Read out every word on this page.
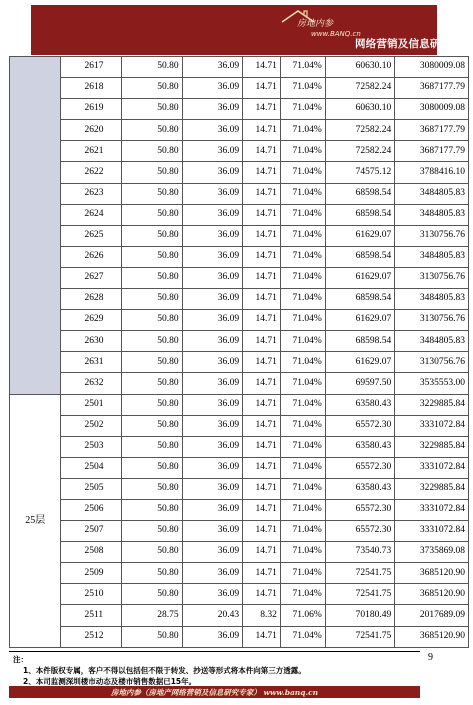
房地内参
www.BANQ.cn
网络营销及信息研究专家
	2617	50.80	36.09	14.71	71.04%	60630.10	3080009.08
	2618	50.80	36.09	14.71	71.04%	72582.24	3687177.79
	2619	50.80	36.09	14.71	71.04%	60630.10	3080009.08
	2620	50.80	36.09	14.71	71.04%	72582.24	3687177.79
	2621	50.80	36.09	14.71	71.04%	72582.24	3687177.79
	2622	50.80	36.09	14.71	71.04%	74575.12	3788416.10
	2623	50.80	36.09	14.71	71.04%	68598.54	3484805.83
	2624	50.80	36.09	14.71	71.04%	68598.54	3484805.83
	2625	50.80	36.09	14.71	71.04%	61629.07	3130756.76
	2626	50.80	36.09	14.71	71.04%	68598.54	3484805.83
	2627	50.80	36.09	14.71	71.04%	61629.07	3130756.76
	2628	50.80	36.09	14.71	71.04%	68598.54	3484805.83
	2629	50.80	36.09	14.71	71.04%	61629.07	3130756.76
	2630	50.80	36.09	14.71	71.04%	68598.54	3484805.83
	2631	50.80	36.09	14.71	71.04%	61629.07	3130756.76
	2632	50.80	36.09	14.71	71.04%	69597.50	3535553.00
25层	2501	50.80	36.09	14.71	71.04%	63580.43	3229885.84
	2502	50.80	36.09	14.71	71.04%	65572.30	3331072.84
	2503	50.80	36.09	14.71	71.04%	63580.43	3229885.84
	2504	50.80	36.09	14.71	71.04%	65572.30	3331072.84
	2505	50.80	36.09	14.71	71.04%	63580.43	3229885.84
	2506	50.80	36.09	14.71	71.04%	65572.30	3331072.84
	2507	50.80	36.09	14.71	71.04%	65572.30	3331072.84
	2508	50.80	36.09	14.71	71.04%	73540.73	3735869.08
	2509	50.80	36.09	14.71	71.04%	72541.75	3685120.90
	2510	50.80	36.09	14.71	71.04%	72541.75	3685120.90
	2511	28.75	20.43	8.32	71.06%	70180.49	2017689.09
	2512	50.80	36.09	14.71	71.04%	72541.75	3685120.90
注：
1、本件版权专属，客户不得以包括但不限于转发、抄送等形式将本件向第三方透露。
2、本司监测深圳楼市动态及楼市销售数据已15年。
9
房地内参（房地产网络营销及信息研究专家） www.banq.cn
